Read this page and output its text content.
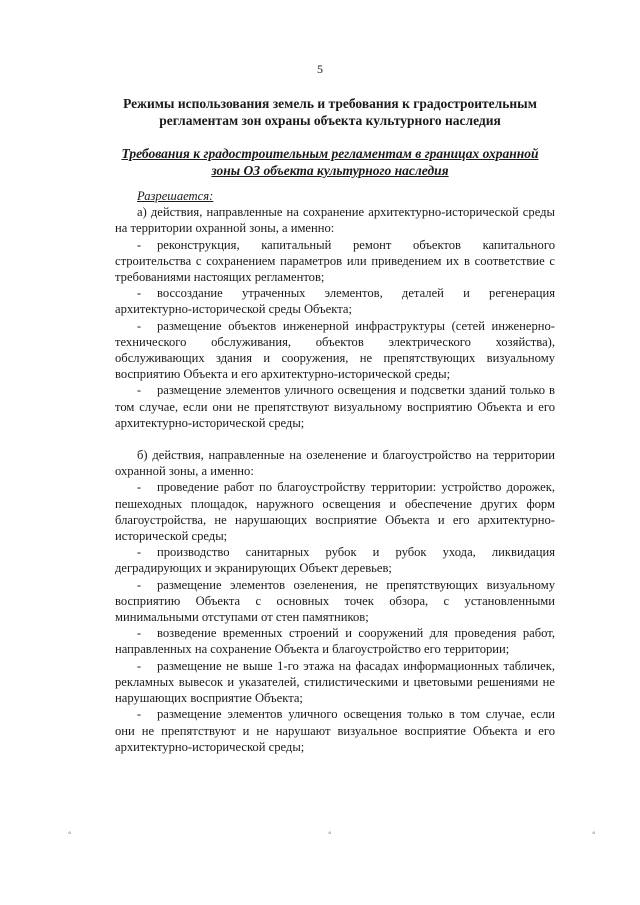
5
Режимы использования земель и требования к градостроительным регламентам зон охраны объекта культурного наследия
Требования к градостроительным регламентам в границах охранной зоны ОЗ объекта культурного наследия

Разрешается:

а) действия, направленные на сохранение архитектурно-исторической среды на территории охранной зоны, а именно:

- реконструкция, капитальный ремонт объектов капитального строительства с сохранением параметров или приведением их в соответствие с требованиями настоящих регламентов;

- воссоздание утраченных элементов, деталей и регенерация архитектурно-исторической среды Объекта;

- размещение объектов инженерной инфраструктуры (сетей инженерно- технического обслуживания, объектов электрического хозяйства), обслуживающих здания и сооружения, не препятствующих визуальному восприятию Объекта и его архитектурно-исторической среды;

- размещение элементов уличного освещения и подсветки зданий только в том случае, если они не препятствуют визуальному восприятию Объекта и его архитектурно-исторической среды;

б) действия, направленные на озеленение и благоустройство на территории охранной зоны, а именно:

- проведение работ по благоустройству территории: устройство дорожек, пешеходных площадок, наружного освещения и обеспечение других форм благоустройства, не нарушающих восприятие Объекта и его архитектурно-исторической среды;

- производство санитарных рубок и рубок ухода, ликвидация деградирующих и экранирующих Объект деревьев;

- размещение элементов озеленения, не препятствующих визуальному восприятию Объекта с основных точек обзора, с установленными минимальными отступами от стен памятников;

- возведение временных строений и сооружений для проведения работ, направленных на сохранение Объекта и благоустройство его территории;

- размещение не выше 1-го этажа на фасадах информационных табличек, рекламных вывесок и указателей, стилистическими и цветовыми решениями не нарушающих восприятие Объекта;

- размещение элементов уличного освещения только в том случае, если они не препятствуют и не нарушают визуальное восприятие Объекта и его архитектурно-исторической среды;

◦	◦	◦
